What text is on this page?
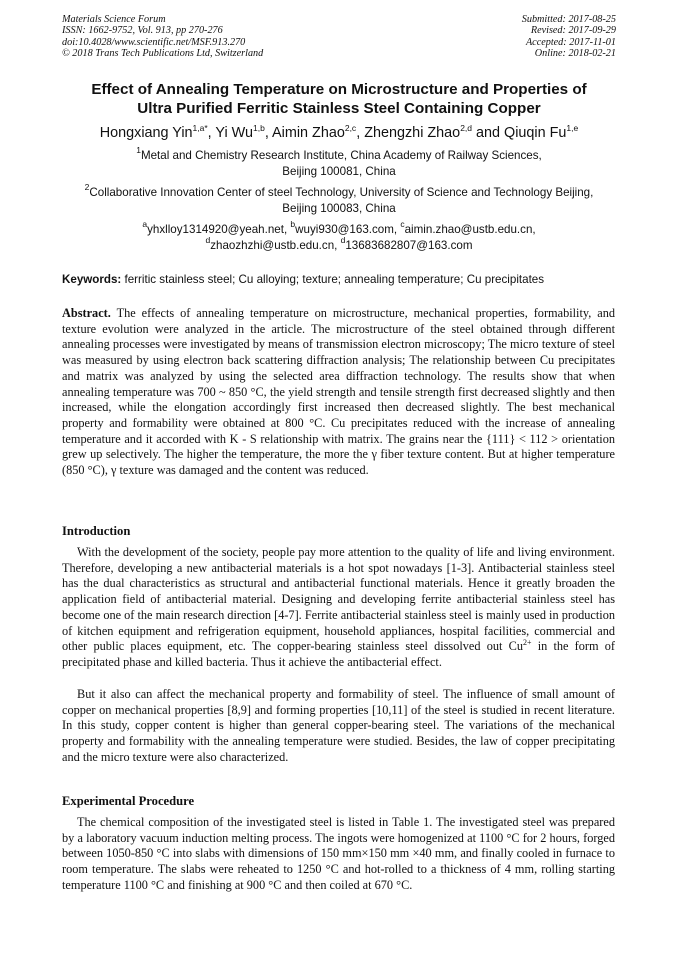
Materials Science Forum
ISSN: 1662-9752, Vol. 913, pp 270-276
doi:10.4028/www.scientific.net/MSF.913.270
© 2018 Trans Tech Publications Ltd, Switzerland
Submitted: 2017-08-25
Revised: 2017-09-29
Accepted: 2017-11-01
Online: 2018-02-21
Effect of Annealing Temperature on Microstructure and Properties of
Ultra Purified Ferritic Stainless Steel Containing Copper
Hongxiang Yin$^{1,a*}$, Yi Wu$^{1,b}$, Aimin Zhao$^{2,c}$, Zhengzhi Zhao$^{2,d}$ and Qiuqin Fu$^{1,e}$
$^1$Metal and Chemistry Research Institute, China Academy of Railway Sciences,
Beijing 100081, China
$^2$Collaborative Innovation Center of steel Technology, University of Science and Technology Beijing,
Beijing 100083, China
$^a$yhxlloy1314920@yeah.net, $^b$wuyi930@163.com, $^c$aimin.zhao@ustb.edu.cn,
$^d$zhaozhzhi@ustb.edu.cn, $^d$13683682807@163.com
Keywords: ferritic stainless steel; Cu alloying; texture; annealing temperature; Cu precipitates
Abstract. The effects of annealing temperature on microstructure, mechanical properties, formability, and texture evolution were analyzed in the article. The microstructure of the steel obtained through different annealing processes were investigated by means of transmission electron microscopy; The micro texture of steel was measured by using electron back scattering diffraction analysis; The relationship between Cu precipitates and matrix was analyzed by using the selected area diffraction technology. The results show that when annealing temperature was 700 ~ 850 °C, the yield strength and tensile strength first decreased slightly and then increased, while the elongation accordingly first increased then decreased slightly. The best mechanical property and formability were obtained at 800 °C. Cu precipitates reduced with the increase of annealing temperature and it accorded with K - S relationship with matrix. The grains near the {111} < 112 > orientation grew up selectively. The higher the temperature, the more the γ fiber texture content. But at higher temperature (850 °C), γ texture was damaged and the content was reduced.
Introduction
With the development of the society, people pay more attention to the quality of life and living environment. Therefore, developing a new antibacterial materials is a hot spot nowadays [1-3]. Antibacterial stainless steel has the dual characteristics as structural and antibacterial functional materials. Hence it greatly broaden the application field of antibacterial material. Designing and developing ferrite antibacterial stainless steel has become one of the main research direction [4-7]. Ferrite antibacterial stainless steel is mainly used in production of kitchen equipment and refrigeration equipment, household appliances, hospital facilities, commercial and other public places equipment, etc. The copper-bearing stainless steel dissolved out $Cu^{2+}$ in the form of precipitated phase and killed bacteria. Thus it achieve the antibacterial effect.
But it also can affect the mechanical property and formability of steel. The influence of small amount of copper on mechanical properties [8,9] and forming properties [10,11] of the steel is studied in recent literature. In this study, copper content is higher than general copper-bearing steel. The variations of the mechanical property and formability with the annealing temperature were studied. Besides, the law of copper precipitating and the micro texture were also characterized.
Experimental Procedure
The chemical composition of the investigated steel is listed in Table 1. The investigated steel was prepared by a laboratory vacuum induction melting process. The ingots were homogenized at 1100 °C for 2 hours, forged between 1050-850 °C into slabs with dimensions of 150 mm×150 mm ×40 mm, and finally cooled in furnace to room temperature. The slabs were reheated to 1250 °C and hot-rolled to a thickness of 4 mm, rolling starting temperature 1100 °C and finishing at 900 °C and then coiled at 670 °C.
